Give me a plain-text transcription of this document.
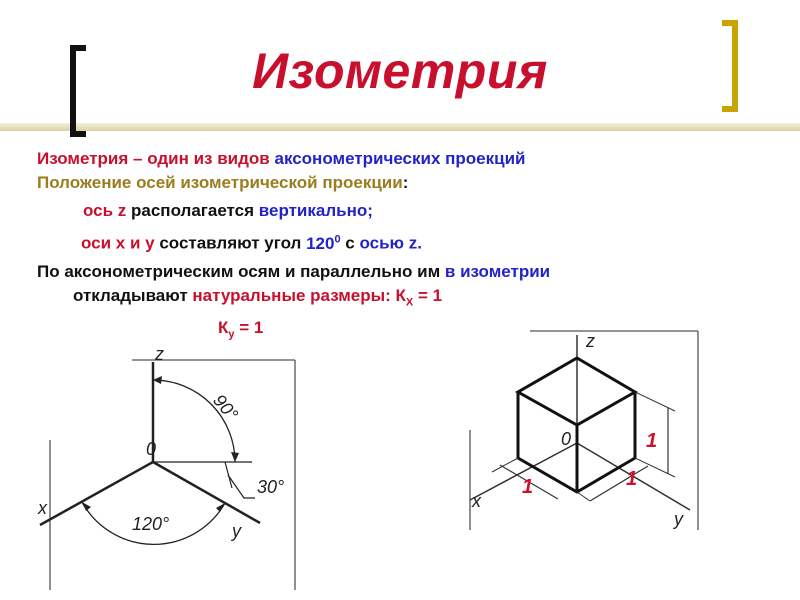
Изометрия
Изометрия – один из видов аксонометрических проекций
Положение осей изометрической проекции:
ось z располагается вертикально;
оси х и у составляют угол $120^0$ с осью z.
По аксонометрическим осям и параллельно им в изометрии
откладывают натуральные размеры: $К_Х = 1$
$К_у = 1$
z
x
y
0
90°
30°
120°
z
x
y
0	1
1	1
